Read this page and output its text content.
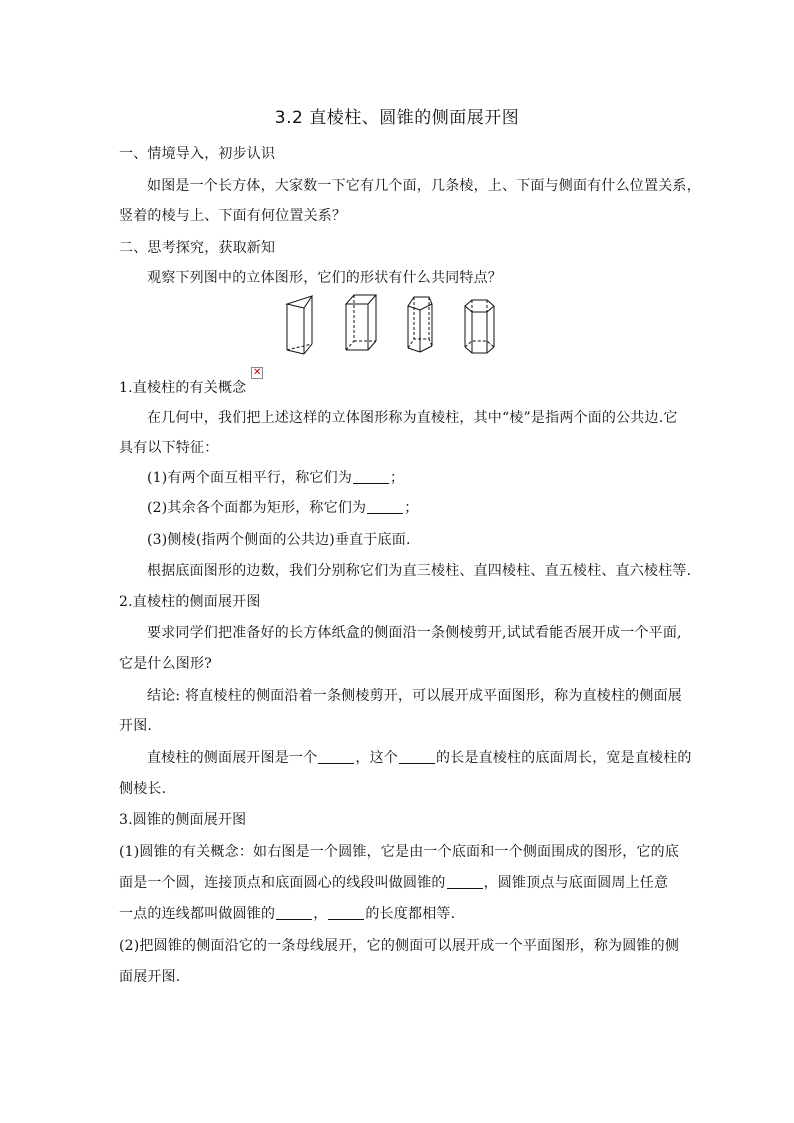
3.2 直棱柱、圆锥的侧面展开图
一、情境导入，初步认识
如图是一个长方体，大家数一下它有几个面，几条棱，上、下面与侧面有什么位置关系，
竖着的棱与上、下面有何位置关系？
二、思考探究，获取新知
观察下列图中的立体图形，它们的形状有什么共同特点？
1.直棱柱的有关概念
✕
在几何中，我们把上述这样的立体图形称为直棱柱，其中“棱”是指两个面的公共边.它
具有以下特征：
(1)有两个面互相平行，称它们为	；
(2)其余各个面都为矩形，称它们为	；
(3)侧棱(指两个侧面的公共边)垂直于底面.
根据底面图形的边数，我们分别称它们为直三棱柱、直四棱柱、直五棱柱、直六棱柱等.
2.直棱柱的侧面展开图
要求同学们把准备好的长方体纸盒的侧面沿一条侧棱剪开,试试看能否展开成一个平面,
它是什么图形?
结论: 将直棱柱的侧面沿着一条侧棱剪开，可以展开成平面图形，称为直棱柱的侧面展
开图.
直棱柱的侧面展开图是一个	，这个	的长是直棱柱的底面周长，宽是直棱柱的
侧棱长.
3.圆锥的侧面展开图
(1)圆锥的有关概念：如右图是一个圆锥，它是由一个底面和一个侧面围成的图形，它的底
面是一个圆，连接顶点和底面圆心的线段叫做圆锥的	，圆锥顶点与底面圆周上任意
一点的连线都叫做圆锥的	，	的长度都相等.
(2)把圆锥的侧面沿它的一条母线展开，它的侧面可以展开成一个平面图形，称为圆锥的侧
面展开图.
